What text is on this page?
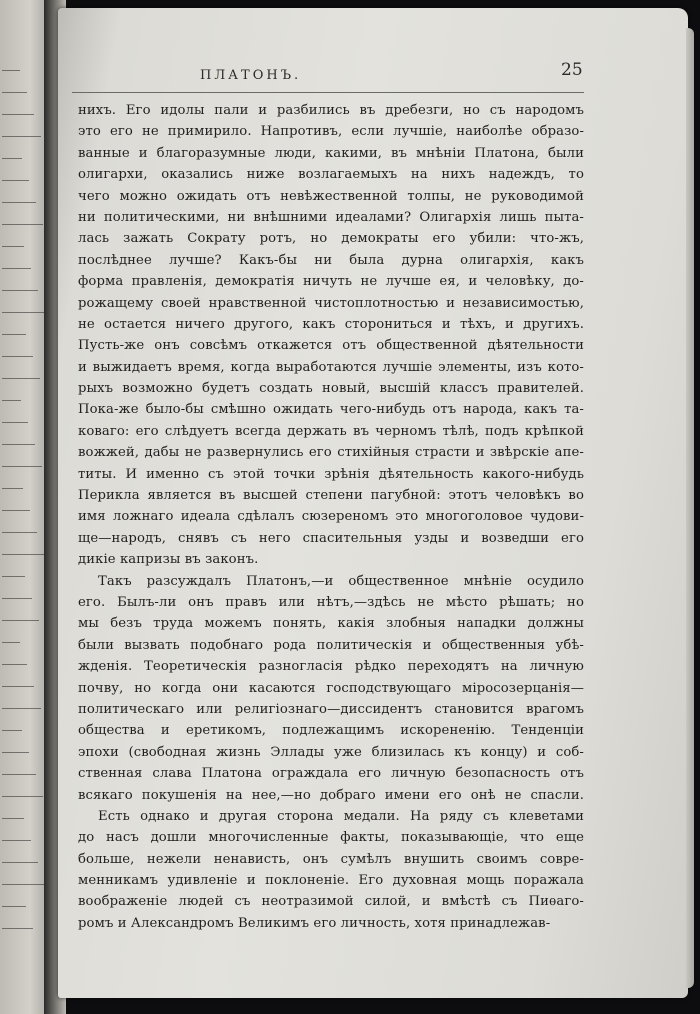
ПЛАТОНЪ.	25
нихъ. Его идолы пали и разбились въ дребезги, но съ народомъ
это его не примирило. Напротивъ, если лучшіе, наиболѣе образо-
ванные и благоразумные люди, какими, въ мнѣніи Платона, были
олигархи, оказались ниже возлагаемыхъ на нихъ надеждъ, то
чего можно ожидать отъ невѣжественной толпы, не руководимой
ни политическими, ни внѣшними идеалами? Олигархія лишь пыта-
лась зажать Сократу ротъ, но демократы его убили: что-жъ,
послѣднее лучше? Какъ-бы ни была дурна олигархія, какъ
форма правленія, демократія ничуть не лучше ея, и человѣку, до-
рожащему своей нравственной чистоплотностью и независимостью,
не остается ничего другого, какъ сторониться и тѣхъ, и другихъ.
Пусть-же онъ совсѣмъ откажется отъ общественной дѣятельности
и выжидаетъ время, когда выработаются лучшіе элементы, изъ кото-
рыхъ возможно будетъ создать новый, высшій классъ правителей.
Пока-же было-бы смѣшно ожидать чего-нибудь отъ народа, какъ та-
коваго: его слѣдуетъ всегда держать въ черномъ тѣлѣ, подъ крѣпкой
вожжей, дабы не развернулись его стихійныя страсти и звѣрскіе апе-
титы. И именно съ этой точки зрѣнія дѣятельность какого-нибудь
Перикла является въ высшей степени пагубной: этотъ человѣкъ во
имя ложнаго идеала сдѣлалъ сюзереномъ это многоголовое чудови-
ще—народъ, снявъ съ него спасительныя узды и возведши его
дикіе капризы въ законъ.
Такъ разсуждалъ Платонъ,—и общественное мнѣніе осудило
его. Былъ-ли онъ правъ или нѣтъ,—здѣсь не мѣсто рѣшать; но
мы безъ труда можемъ понять, какія злобныя нападки должны
были вызвать подобнаго рода политическія и общественныя убѣ-
жденія. Теоретическія разногласія рѣдко переходятъ на личную
почву, но когда они касаются господствующаго міросозерцанія—
политическаго или религіознаго—диссидентъ становится врагомъ
общества и еретикомъ, подлежащимъ искорененію. Тенденціи
эпохи (свободная жизнь Эллады уже близилась къ концу) и соб-
ственная слава Платона ограждала его личную безопасность отъ
всякаго покушенія на нее,—но добраго имени его онѣ не спасли.
Есть однако и другая сторона медали. На ряду съ клеветами
до насъ дошли многочисленные факты, показывающіе, что еще
больше, нежели ненависть, онъ сумѣлъ внушить своимъ совре-
менникамъ удивленіе и поклоненіе. Его духовная мощь поражала
воображеніе людей съ неотразимой силой, и вмѣстѣ съ Пиѳаго-
ромъ и Александромъ Великимъ его личность, хотя принадлежав-
